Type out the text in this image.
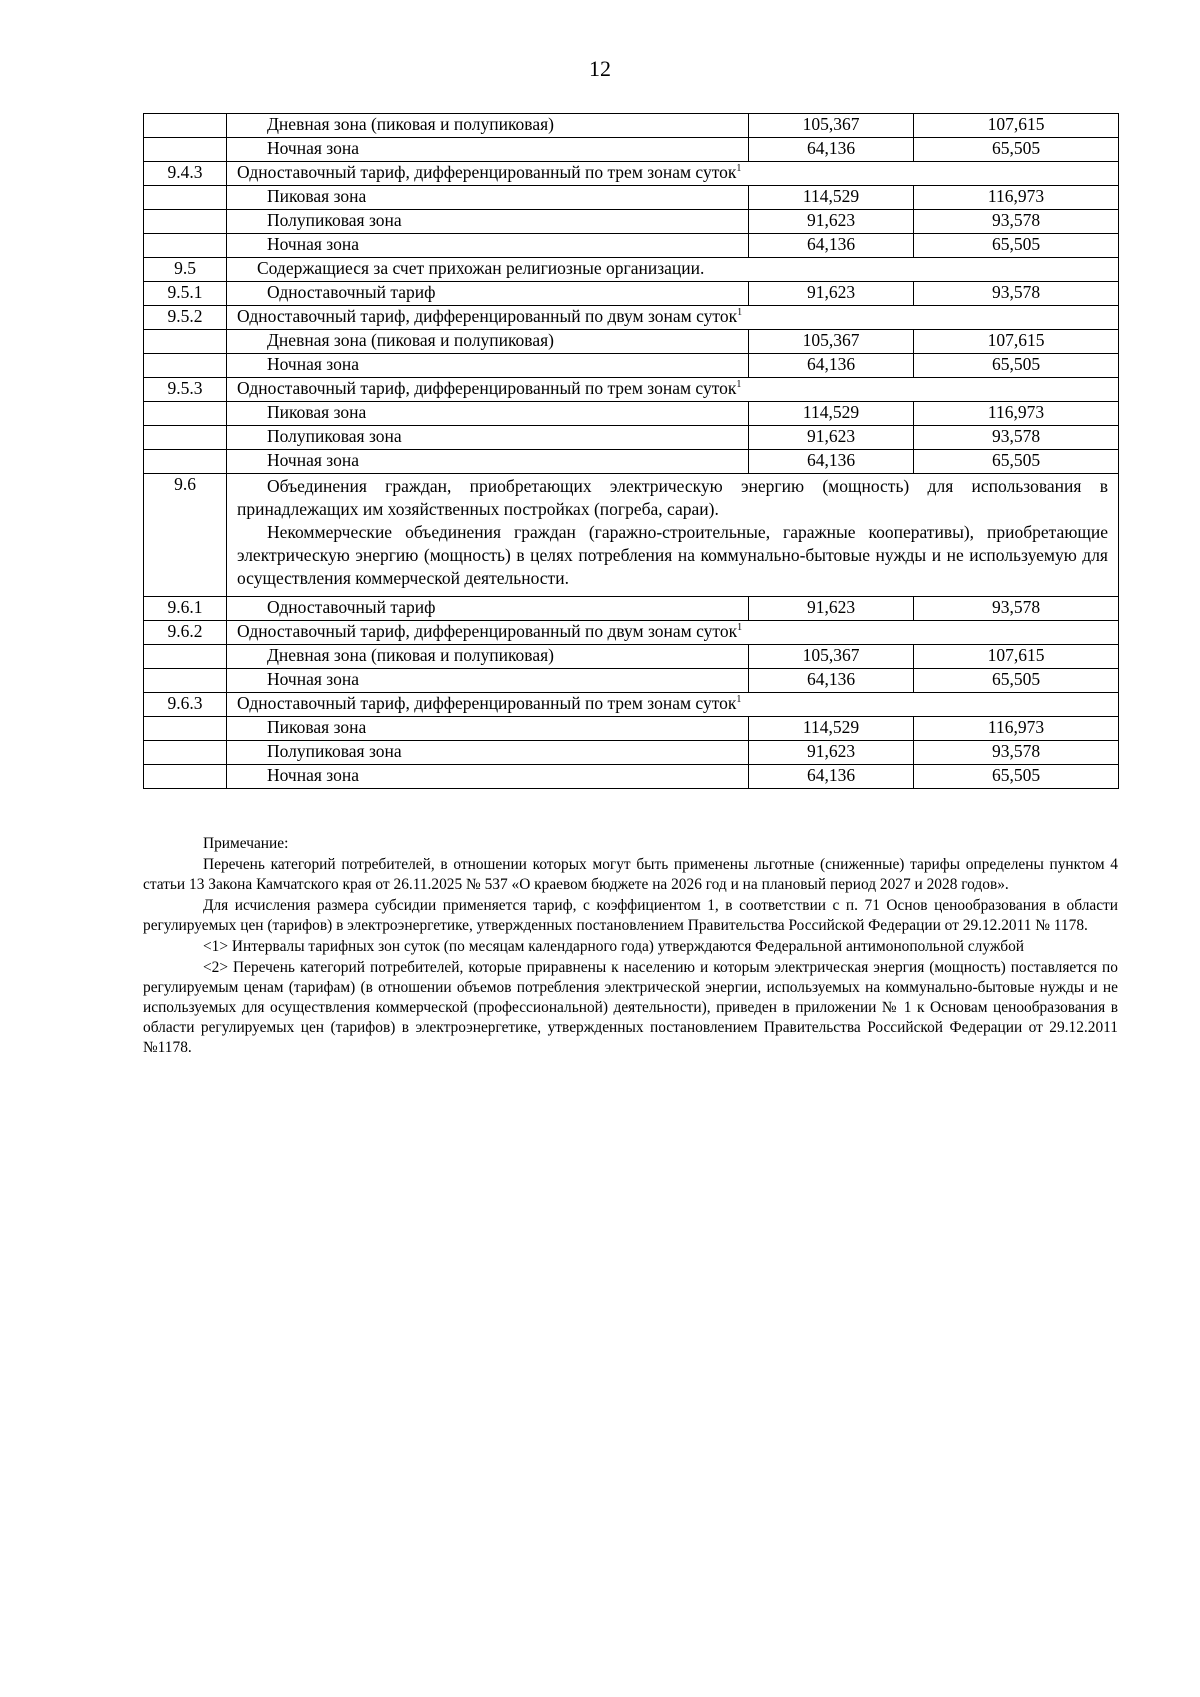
12
	Дневная зона (пиковая и полупиковая)	105,367	107,615
	Ночная зона	64,136	65,505
9.4.3	Одноставочный тариф, дифференцированный по трем зонам суток$^1$
	Пиковая зона	114,529	116,973
	Полупиковая зона	91,623	93,578
	Ночная зона	64,136	65,505
9.5	Содержащиеся за счет прихожан религиозные организации.		
9.5.1	Одноставочный тариф	91,623	93,578
9.5.2	Одноставочный тариф, дифференцированный по двум зонам суток$^1$
	Дневная зона (пиковая и полупиковая)	105,367	107,615
	Ночная зона	64,136	65,505
9.5.3	Одноставочный тариф, дифференцированный по трем зонам суток$^1$
	Пиковая зона	114,529	116,973
	Полупиковая зона	91,623	93,578
	Ночная зона	64,136	65,505
9.6	Объединения граждан, приобретающих электрическую энергию (мощность) для использования в принадлежащих им хозяйственных постройках (погреба, сараи).

Некоммерческие объединения граждан (гаражно-строительные, гаражные кооперативы), приобретающие электрическую энергию (мощность) в целях потребления на коммунально-бытовые нужды и не используемую для осуществления коммерческой деятельности.		

9.6.1	Одноставочный тариф	91,623	93,578
9.6.2	Одноставочный тариф, дифференцированный по двум зонам суток$^1$
	Дневная зона (пиковая и полупиковая)	105,367	107,615
	Ночная зона	64,136	65,505
9.6.3	Одноставочный тариф, дифференцированный по трем зонам суток$^1$
	Пиковая зона	114,529	116,973
	Полупиковая зона	91,623	93,578
	Ночная зона	64,136	65,505

Примечание:

Перечень категорий потребителей, в отношении которых могут быть применены льготные (сниженные) тарифы определены пунктом 4 статьи 13 Закона Камчатского края от 26.11.2025 № 537 «О краевом бюджете на 2026 год и на плановый период 2027 и 2028 годов».

Для исчисления размера субсидии применяется тариф, с коэффициентом 1, в соответствии с п. 71 Основ ценообразования в области регулируемых цен (тарифов) в электроэнергетике, утвержденных постановлением Правительства Российской Федерации от 29.12.2011 № 1178.

<1> Интервалы тарифных зон суток (по месяцам календарного года) утверждаются Федеральной антимонопольной службой

<2> Перечень категорий потребителей, которые приравнены к населению и которым электрическая энергия (мощность) поставляется по регулируемым ценам (тарифам) (в отношении объемов потребления электрической энергии, используемых на коммунально-бытовые нужды и не используемых для осуществления коммерческой (профессиональной) деятельности), приведен в приложении № 1 к Основам ценообразования в области регулируемых цен (тарифов) в электроэнергетике, утвержденных постановлением Правительства Российской Федерации от 29.12.2011 №1178.
